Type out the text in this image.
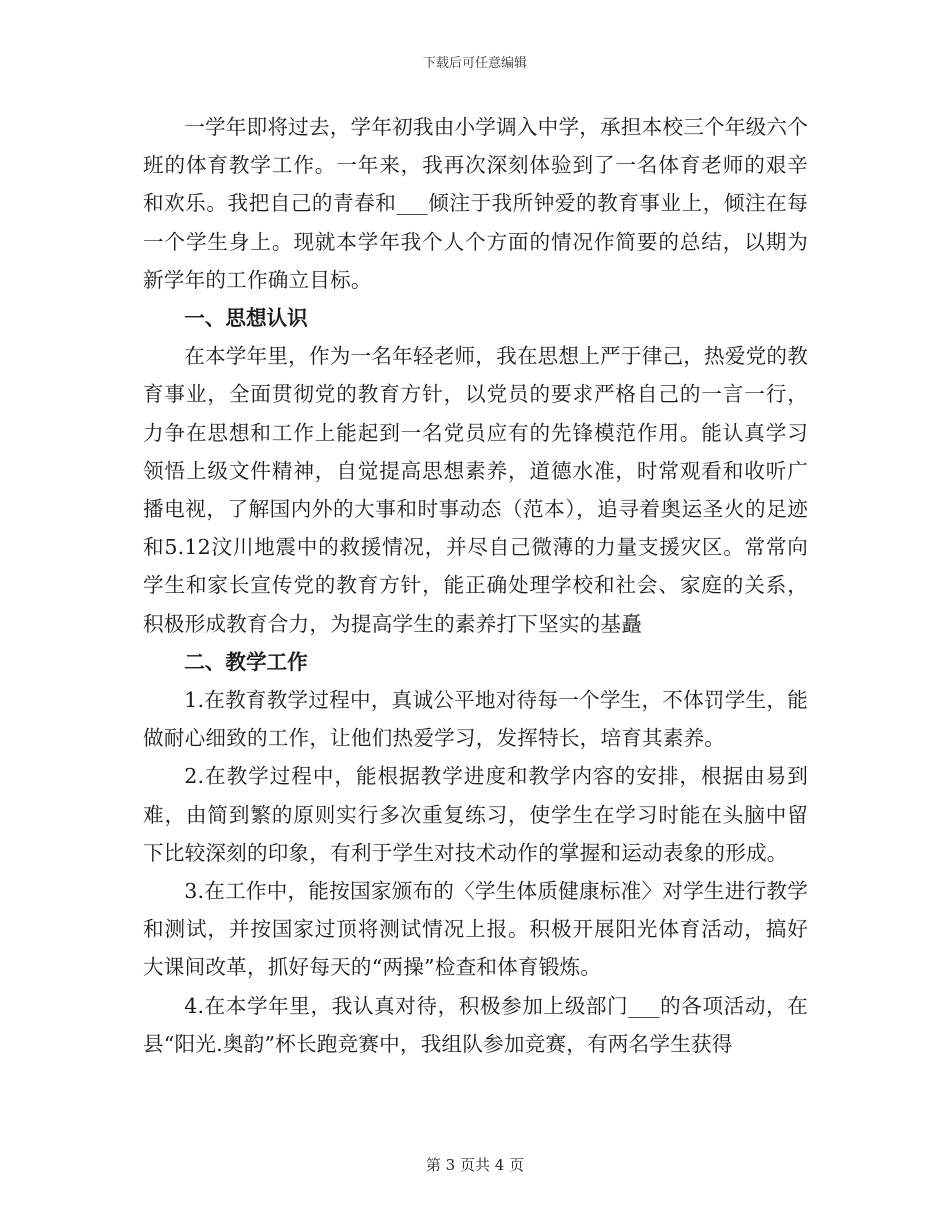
下载后可任意编辑

一学年即将过去，学年初我由小学调入中学，承担本校三个年级六个班的体育教学工作。一年来，我再次深刻体验到了一名体育老师的艰辛和欢乐。我把自己的青春和___倾注于我所钟爱的教育事业上，倾注在每一个学生身上。现就本学年我个人个方面的情况作简要的总结，以期为新学年的工作确立目标。

一、思想认识

在本学年里，作为一名年轻老师，我在思想上严于律己，热爱党的教育事业，全面贯彻党的教育方针，以党员的要求严格自己的一言一行，力争在思想和工作上能起到一名党员应有的先锋模范作用。能认真学习领悟上级文件精神，自觉提高思想素养，道德水准，时常观看和收听广播电视，了解国内外的大事和时事动态（范本），追寻着奥运圣火的足迹和5.12汶川地震中的救援情况，并尽自己微薄的力量支援灾区。常常向学生和家长宣传党的教育方针，能正确处理学校和社会、家庭的关系，积极形成教育合力，为提高学生的素养打下坚实的基矗

二、教学工作

1.在教育教学过程中，真诚公平地对待每一个学生，不体罚学生，能做耐心细致的工作，让他们热爱学习，发挥特长，培育其素养。

2.在教学过程中，能根据教学进度和教学内容的安排，根据由易到难，由简到繁的原则实行多次重复练习，使学生在学习时能在头脑中留下比较深刻的印象，有利于学生对技术动作的掌握和运动表象的形成。

3.在工作中，能按国家颁布的〈学生体质健康标准〉对学生进行教学和测试，并按国家过顶将测试情况上报。积极开展阳光体育活动，搞好大课间改革，抓好每天的“两操”检查和体育锻炼。

4.在本学年里，我认真对待，积极参加上级部门___的各项活动，在县“阳光.奥韵”杯长跑竞赛中，我组队参加竞赛，有两名学生获得

第 3 页共 4 页
